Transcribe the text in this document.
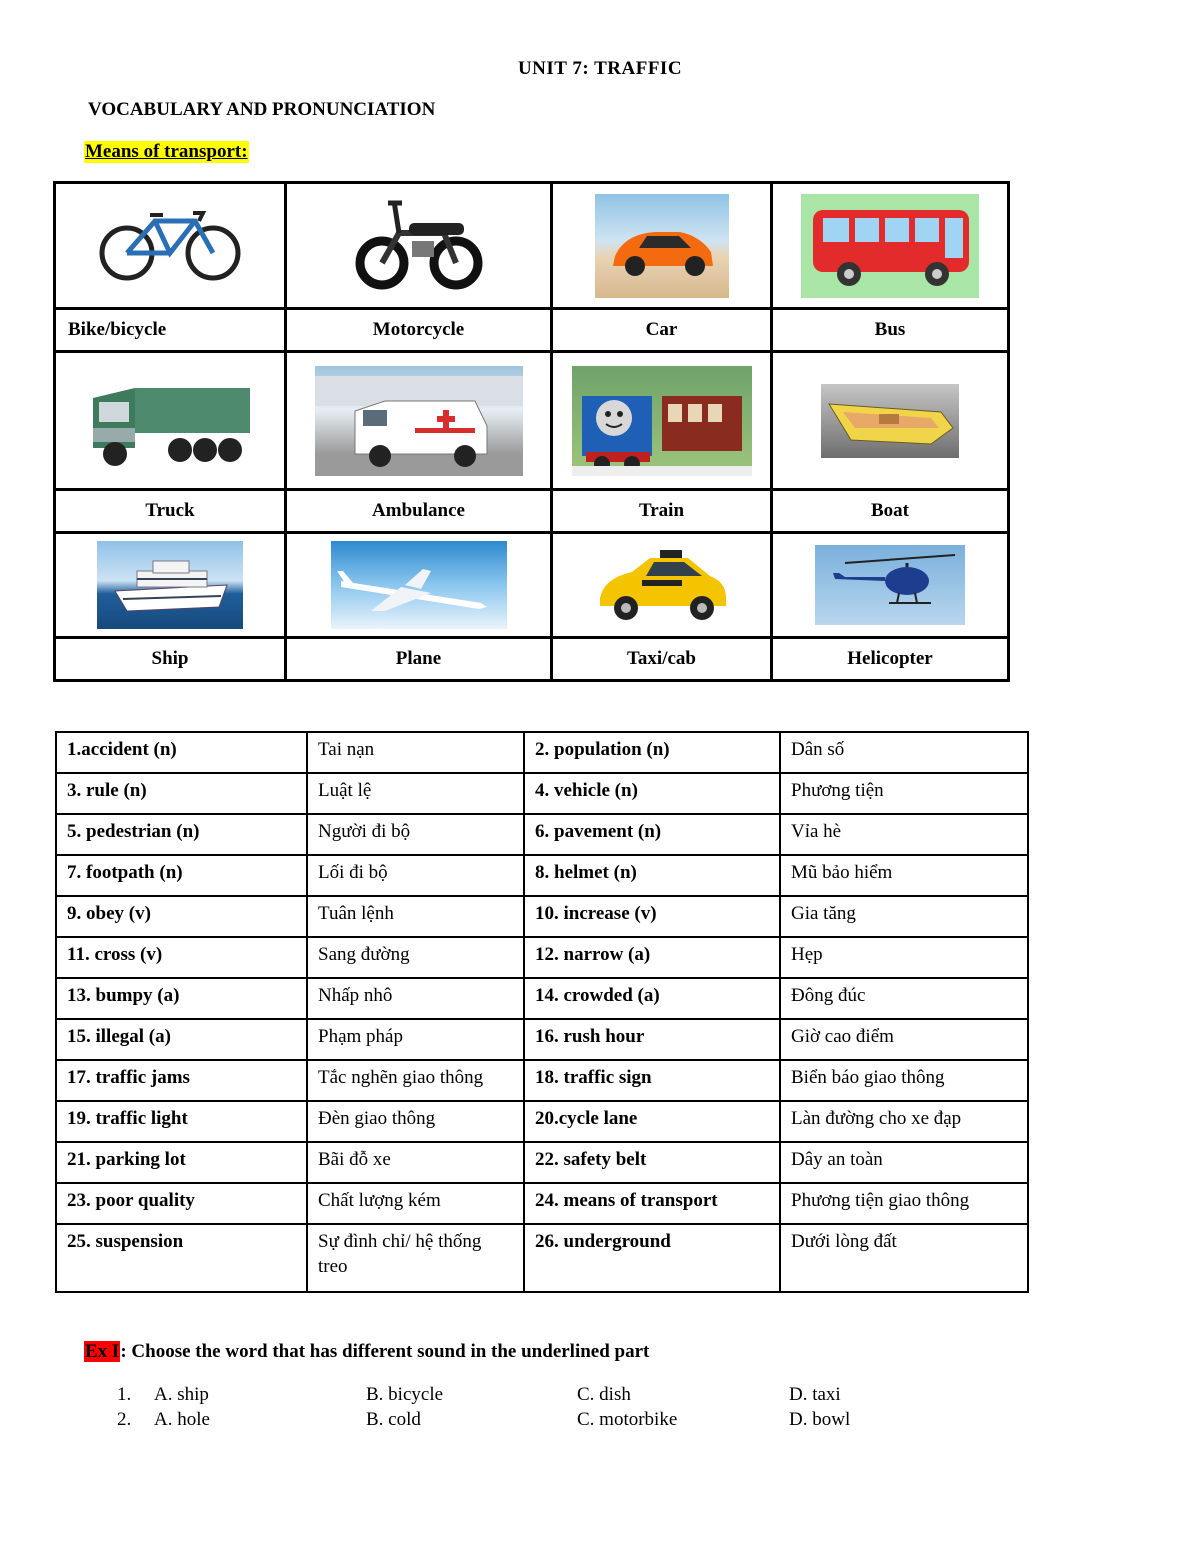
UNIT 7: TRAFFIC
VOCABULARY AND PRONUNCIATION
Means of transport:

Bike/bicycle	Motorcycle	Car	Bus

Truck	Ambulance	Train	Boat

Ship	Plane	Taxi/cab	Helicopter
1.accident (n)	Tai nạn	2. population (n)	Dân số
3. rule (n)	Luật lệ	4. vehicle (n)	Phương tiện
5. pedestrian (n)	Người đi bộ	6. pavement (n)	Vỉa hè
7. footpath (n)	Lối đi bộ	8. helmet (n)	Mũ bảo hiểm
9. obey (v)	Tuân lệnh	10. increase (v)	Gia tăng
11. cross (v)	Sang đường	12. narrow (a)	Hẹp
13. bumpy (a)	Nhấp nhô	14. crowded (a)	Đông đúc
15. illegal (a)	Phạm pháp	16. rush hour	Giờ cao điểm
17. traffic jams	Tắc nghẽn giao thông	18. traffic sign	Biển báo giao thông
19. traffic light	Đèn giao thông	20.cycle lane	Làn đường cho xe đạp
21. parking lot	Bãi đỗ xe	22. safety belt	Dây an toàn
23. poor quality	Chất lượng kém	24. means of transport	Phương tiện giao thông
25. suspension	Sự đình chỉ/ hệ thống treo	26. underground	Dưới lòng đất
Ex I: Choose the word that has different sound in the underlined part
1. A. ship	B. bicycle	C. dish	D. taxi
2. A. hole	B. cold	C. motorbike	D. bowl
